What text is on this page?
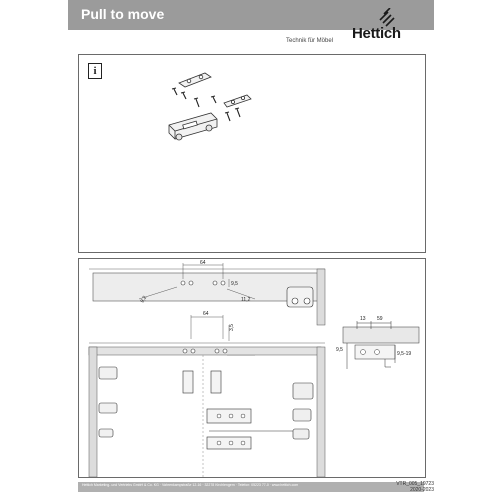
Pull to move
Hettich
Technik für Möbel
i
64
9,5
9,2	11,2
64
3,5
13 59
9,5
9,5-19
Hettich Marketing- und Vertriebs GmbH & Co. KG · Vahrenkampstraße 12-16 · 32278 Kirchlengern · Telefon: 05223 77-0 · www.hettich.com	VTR_005_19723
2020-2023
